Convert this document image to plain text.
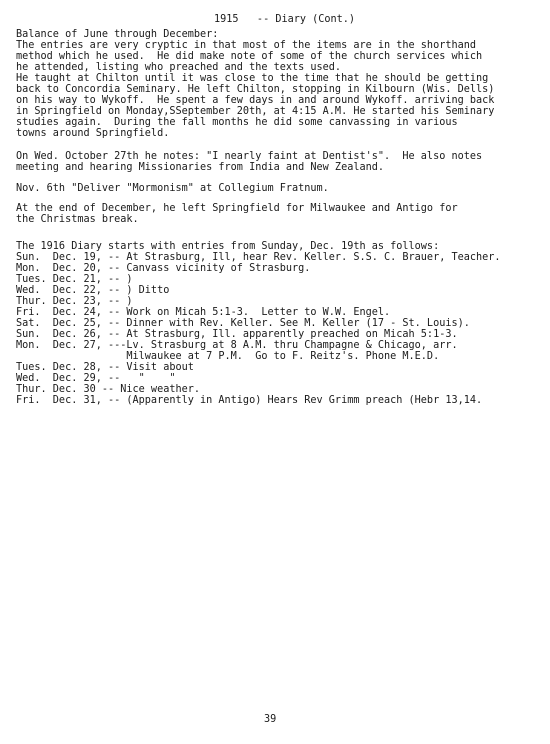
1915   -- Diary (Cont.)
Balance of June through December:
The entries are very cryptic in that most of the items are in the shorthand
method which he used.  He did make note of some of the church services which
he attended, listing who preached and the texts used.
He taught at Chilton until it was close to the time that he should be getting
back to Concordia Seminary. He left Chilton, stopping in Kilbourn (Wis. Dells)
on his way to Wykoff.  He spent a few days in and around Wykoff. arriving back
in Springfield on Monday,SSeptember 20th, at 4:15 A.M. He started his Seminary
studies again.  During the fall months he did some canvassing in various
towns around Springfield.
On Wed. October 27th he notes: "I nearly faint at Dentist's".  He also notes
meeting and hearing Missionaries from India and New Zealand.
Nov. 6th "Deliver "Mormonism" at Collegium Fratnum.
At the end of December, he left Springfield for Milwaukee and Antigo for
the Christmas break.
The 1916 Diary starts with entries from Sunday, Dec. 19th as follows:
Sun.  Dec. 19, -- At Strasburg, Ill, hear Rev. Keller. S.S. C. Brauer, Teacher.
Mon.  Dec. 20, -- Canvass vicinity of Strasburg.
Tues. Dec. 21, -- )
Wed.  Dec. 22, -- ) Ditto
Thur. Dec. 23, -- )
Fri.  Dec. 24, -- Work on Micah 5:1-3.  Letter to W.W. Engel.
Sat.  Dec. 25, -- Dinner with Rev. Keller. See M. Keller (17 - St. Louis).
Sun.  Dec. 26, -- At Strasburg, Ill. apparently preached on Micah 5:1-3.
Mon.  Dec. 27, ---Lv. Strasburg at 8 A.M. thru Champagne & Chicago, arr.
Milwaukee at 7 P.M.  Go to F. Reitz's. Phone M.E.D.
Tues. Dec. 28, -- Visit about
Wed.  Dec. 29, --   "    "
Thur. Dec. 30 -- Nice weather.
Fri.  Dec. 31, -- (Apparently in Antigo) Hears Rev Grimm preach (Hebr 13,14.
39
